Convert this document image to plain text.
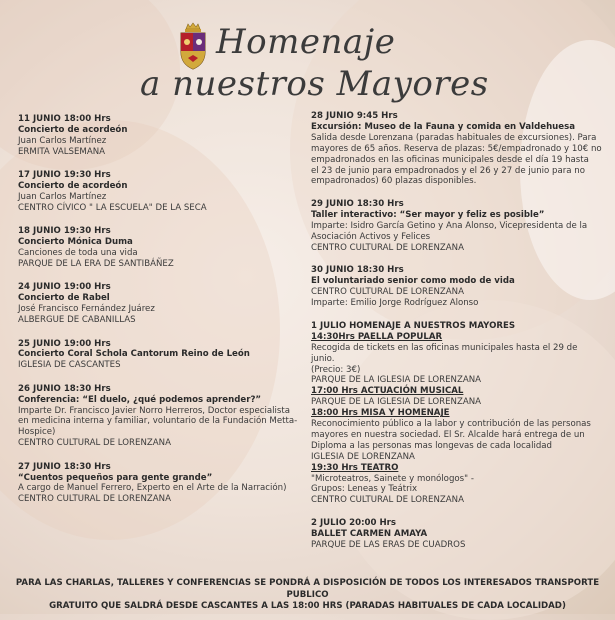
Homenaje
a nuestros Mayores
11 JUNIO 18:00 Hrs
Concierto de acordeón
Juan Carlos Martínez
ERMITA VALSEMANA
17 JUNIO 19:30 Hrs
Concierto de acordeón
Juan Carlos Martínez
CENTRO CÍVICO " LA ESCUELA" DE LA SECA
18 JUNIO 19:30 Hrs
Concierto Mónica Duma
Canciones de toda una vida
PARQUE DE LA ERA DE SANTIBÁÑEZ
24 JUNIO 19:00 Hrs
Concierto de Rabel
José Francisco Fernández Juárez
ALBERGUE DE CABANILLAS
25 JUNIO 19:00 Hrs
Concierto Coral Schola Cantorum Reino de León
IGLESIA DE CASCANTES
26 JUNIO 18:30 Hrs
Conferencia: “El duelo, ¿qué podemos aprender?”
Imparte Dr. Francisco Javier Norro Herreros, Doctor especialista
en medicina interna y familiar, voluntario de la Fundación Metta-
Hospice)
CENTRO CULTURAL DE LORENZANA
27 JUNIO 18:30 Hrs
“Cuentos pequeños para gente grande”
A cargo de Manuel Ferrero, Experto en el Arte de la Narración)
CENTRO CULTURAL DE LORENZANA
28 JUNIO 9:45 Hrs
Excursión: Museo de la Fauna y comida en Valdehuesa
Salida desde Lorenzana (paradas habituales de excursiones). Para
mayores de 65 años. Reserva de plazas: 5€/empadronado y 10€ no
empadronados en las oficinas municipales desde el día 19 hasta
el 23 de junio para empadronados y el 26 y 27 de junio para no
empadronados) 60 plazas disponibles.
29 JUNIO 18:30 Hrs
Taller interactivo: “Ser mayor y feliz es posible”
Imparte: Isidro García Getino y Ana Alonso, Vicepresidenta de la
Asociación Activos y Felices
CENTRO CULTURAL DE LORENZANA
30 JUNIO 18:30 Hrs
El voluntariado senior como modo de vida
CENTRO CULTURAL DE LORENZANA
Imparte: Emilio Jorge Rodríguez Alonso
1 JULIO HOMENAJE A NUESTROS MAYORES
14:30Hrs PAELLA POPULAR
Recogida de tickets en las oficinas municipales hasta el 29 de junio.
(Precio: 3€)
PARQUE DE LA IGLESIA DE LORENZANA
17:00 Hrs ACTUACIÓN MUSICAL
PARQUE DE LA IGLESIA DE LORENZANA
18:00 Hrs MISA Y HOMENAJE
Reconocimiento público a la labor y contribución de las personas
mayores en nuestra sociedad. El Sr. Alcalde hará entrega de un
Diploma a las personas mas longevas de cada localidad
IGLESIA DE LORENZANA
19:30 Hrs TEATRO
"Microteatros, Sainete y monólogos" -
Grupos: Leneas y Teátrix
CENTRO CULTURAL DE LORENZANA
2 JULIO 20:00 Hrs
BALLET CARMEN AMAYA
PARQUE DE LAS ERAS DE CUADROS
PARA LAS CHARLAS, TALLERES Y CONFERENCIAS SE PONDRÁ A DISPOSICIÓN DE TODOS LOS INTERESADOS TRANSPORTE PUBLICO
GRATUITO QUE SALDRÁ DESDE CASCANTES A LAS 18:00 HRS (PARADAS HABITUALES DE CADA LOCALIDAD)
